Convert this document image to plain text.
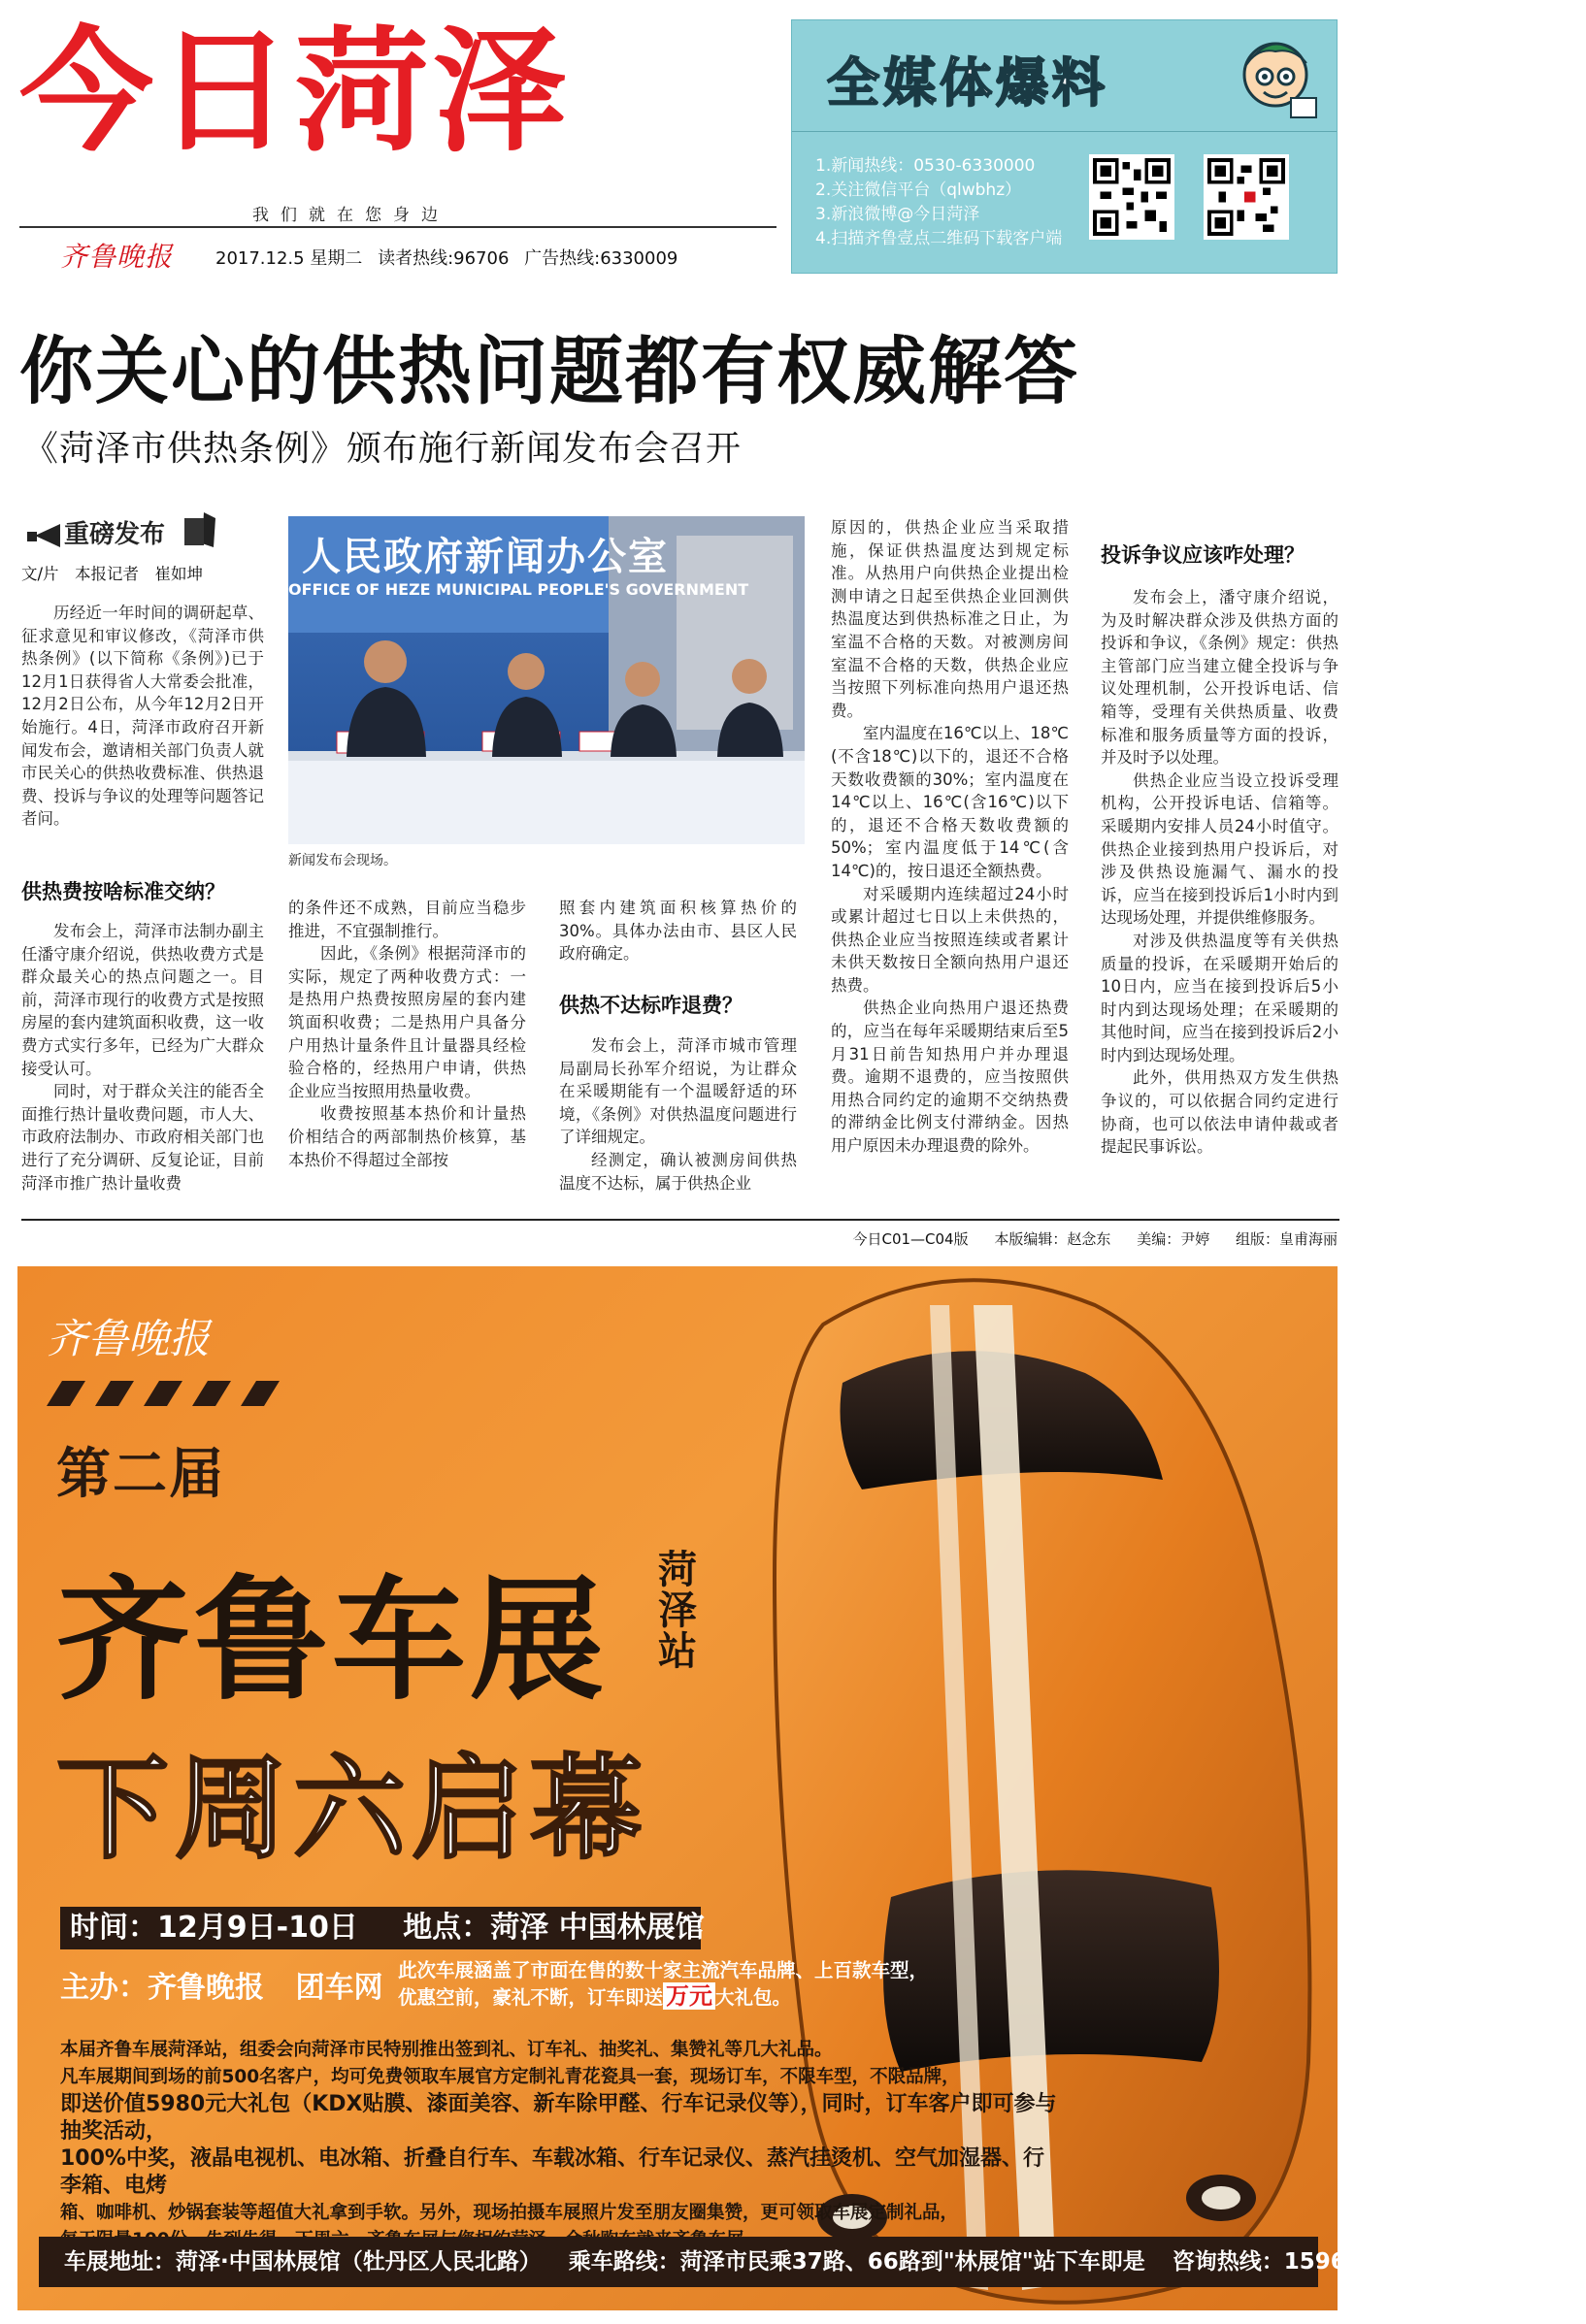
今日菏泽
我们就在您身边
齐鲁晚报 2017.12.5 星期二 读者热线:96706 广告热线:6330009
全媒体爆料
1.新闻热线：0530-6330000
2.关注微信平台（qlwbhz）
3.新浪微博@今日菏泽
4.扫描齐鲁壹点二维码下载客户端
你关心的供热问题都有权威解答
《菏泽市供热条例》颁布施行新闻发布会召开
重磅发布
文/片　本报记者　崔如坤

历经近一年时间的调研起草、征求意见和审议修改，《菏泽市供热条例》(以下简称《条例》)已于12月1日获得省人大常委会批准，12月2日公布，从今年12月2日开始施行。4日，菏泽市政府召开新闻发布会，邀请相关部门负责人就市民关心的供热收费标准、供热退费、投诉与争议的处理等问题答记者问。

供热费按啥标准交纳？

发布会上，菏泽市法制办副主任潘守康介绍说，供热收费方式是群众最关心的热点问题之一。目前，菏泽市现行的收费方式是按照房屋的套内建筑面积收费，这一收费方式实行多年，已经为广大群众接受认可。

同时，对于群众关注的能否全面推行热计量收费问题，市人大、市政府法制办、市政府相关部门也进行了充分调研、反复论证，目前菏泽市推广热计量收费

人民政府新闻办公室
OFFICE OF HEZE MUNICIPAL PEOPLE'S GOVERNMENT
新闻发布会现场。

的条件还不成熟，目前应当稳步推进，不宜强制推行。

因此，《条例》根据菏泽市的实际，规定了两种收费方式：一是热用户热费按照房屋的套内建筑面积收费；二是热用户具备分户用热计量条件且计量器具经检验合格的，经热用户申请，供热企业应当按照用热量收费。

收费按照基本热价和计量热价相结合的两部制热价核算，基本热价不得超过全部按

照套内建筑面积核算热价的30%。具体办法由市、县区人民政府确定。

供热不达标咋退费？

发布会上，菏泽市城市管理局副局长孙军介绍说，为让群众在采暖期能有一个温暖舒适的环境，《条例》对供热温度问题进行了详细规定。

经测定，确认被测房间供热温度不达标，属于供热企业

原因的，供热企业应当采取措施，保证供热温度达到规定标准。从热用户向供热企业提出检测申请之日起至供热企业回测供热温度达到供热标准之日止，为室温不合格的天数。对被测房间室温不合格的天数，供热企业应当按照下列标准向热用户退还热费。

室内温度在16℃以上、18℃(不含18℃)以下的，退还不合格天数收费额的30%；室内温度在14℃以上、16℃(含16℃)以下的，退还不合格天数收费额的50%；室内温度低于14℃(含14℃)的，按日退还全额热费。

对采暖期内连续超过24小时或累计超过七日以上未供热的，供热企业应当按照连续或者累计未供天数按日全额向热用户退还热费。

供热企业向热用户退还热费的，应当在每年采暖期结束后至5月31日前告知热用户并办理退费。逾期不退费的，应当按照供用热合同约定的逾期不交纳热费的滞纳金比例支付滞纳金。因热用户原因未办理退费的除外。

投诉争议应该咋处理？

发布会上，潘守康介绍说，为及时解决群众涉及供热方面的投诉和争议，《条例》规定：供热主管部门应当建立健全投诉与争议处理机制，公开投诉电话、信箱等，受理有关供热质量、收费标准和服务质量等方面的投诉，并及时予以处理。

供热企业应当设立投诉受理机构，公开投诉电话、信箱等。采暖期内安排人员24小时值守。供热企业接到热用户投诉后，对涉及供热设施漏气、漏水的投诉，应当在接到投诉后1小时内到达现场处理，并提供维修服务。

对涉及供热温度等有关供热质量的投诉，在采暖期开始后的10日内，应当在接到投诉后5小时内到达现场处理；在采暖期的其他时间，应当在接到投诉后2小时内到达现场处理。

此外，供用热双方发生供热争议的，可以依据合同约定进行协商，也可以依法申请仲裁或者提起民事诉讼。

今日C01—C04版 本版编辑：赵念东 美编：尹婷 组版：皇甫海丽
齐鲁晚报
第二届
齐鲁车展 菏泽站
下周六启幕
时间：12月9日-10日 地点：菏泽 中国林展馆
主办：齐鲁晚报 团车网
此次车展涵盖了市面在售的数十家主流汽车品牌、上百款车型，优惠空前，豪礼不断，订车即送 万元 大礼包。
本届齐鲁车展菏泽站，组委会向菏泽市民特别推出签到礼、订车礼、抽奖礼、集赞礼等几大礼品。
凡车展期间到场的前500名客户，均可免费领取车展官方定制礼青花瓷具一套，现场订车，不限车型，不限品牌，
即送价值5980元大礼包（KDX贴膜、漆面美容、新车除甲醛、行车记录仪等），同时，订车客户即可参与抽奖活动，
100%中奖，液晶电视机、电冰箱、折叠自行车、车载冰箱、行车记录仪、蒸汽挂烫机、空气加湿器、行李箱、电烤
箱、咖啡机、炒锅套装等超值大礼拿到手软。另外，现场拍摄车展照片发至朋友圈集赞，更可领取车展定制礼品，
车展地址：菏泽·中国林展馆（牡丹区人民北路） 乘车路线：菏泽市民乘37路、66路到"林展馆"站下车即是 咨询热线：15964661314（李主任）
